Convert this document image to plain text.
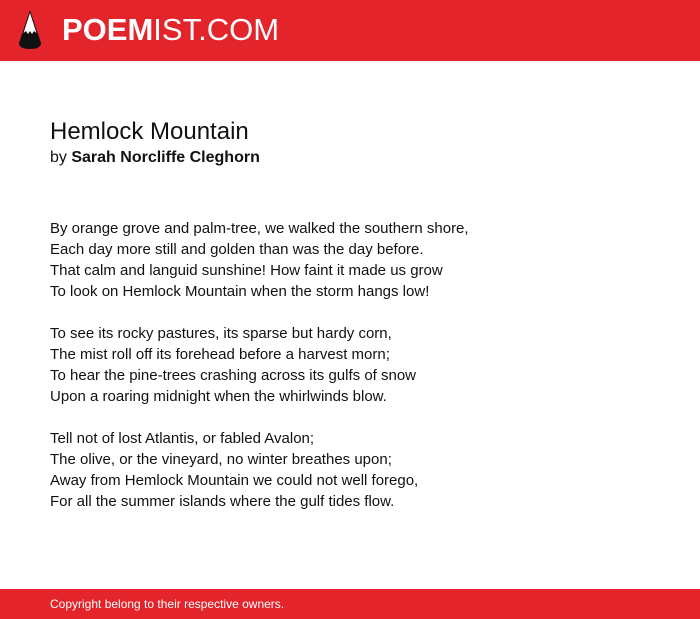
POEMIST.COM
Hemlock Mountain

by Sarah Norcliffe Cleghorn

By orange grove and palm-tree, we walked the southern shore,
Each day more still and golden than was the day before.
That calm and languid sunshine! How faint it made us grow
To look on Hemlock Mountain when the storm hangs low!
To see its rocky pastures, its sparse but hardy corn,
The mist roll off its forehead before a harvest morn;
To hear the pine-trees crashing across its gulfs of snow
Upon a roaring midnight when the whirlwinds blow.
Tell not of lost Atlantis, or fabled Avalon;
The olive, or the vineyard, no winter breathes upon;
Away from Hemlock Mountain we could not well forego,
For all the summer islands where the gulf tides flow.
Copyright belong to their respective owners.
